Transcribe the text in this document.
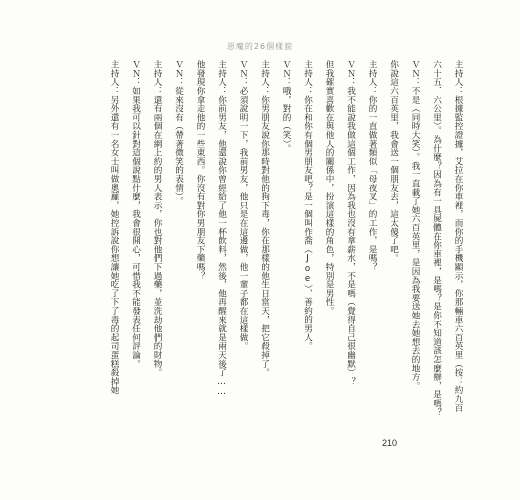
惡魔的26個樣貌

主持人：根據監控證據，艾拉在你車裡，而你的手機顯示，你那輛車六百英里（按：約九百六十五．六公里）。為什麼？因為有一具屍體在你車裡，是嗎？是你不知道該怎麼辦，是嗎？

ＶＮ：不是（同時大笑）。我一直載了她六百英里，是因為我要送她去她想去的地方。

你說這六百英里，我會送一個朋友去，這太傻了吧。

主持人：你的一直做著類似「母夜叉」的工作，是嗎？

ＶＮ：我不能說我做這個工作，因為我也沒有拿薪水，不是嗎（覺得自己很幽默）？

但我確實喜歡在與他人的關係中，扮演這樣的角色，特別是男性。

主持人：你在和你有個男朋友吧？是一個叫作喬（Joe）、善約的男人。

ＶＮ：哦，對的（笑）。

主持人：你男朋友說你那時對他的狗下毒，你在那樣的他生日當天，把它殺掉了。

ＶＮ：必須說明一下，我前男友，他只是在這邊做，他一輩子都在這樣做。

主持人：你前男友，他還說你曾經給了他一杯飲料，然後，他再醒來就是兩天後了……

他發現你拿走他的一些東西。你沒有對你男朋友下藥嗎？

ＶＮ：從來沒有（帶著微笑的表情）。

主持人：還有兩個在網上約的男人表示，你也對他們下過藥，並洗劫他們的財物。

ＶＮ：如果我可以針對這個說點什麼，我會很開心，可惜我不能發表任何評論。

主持人：另外還有一名女士叫做奧蘿，她控訴說你想讓她吃了下了毒的起司蛋糕殺掉她

210
